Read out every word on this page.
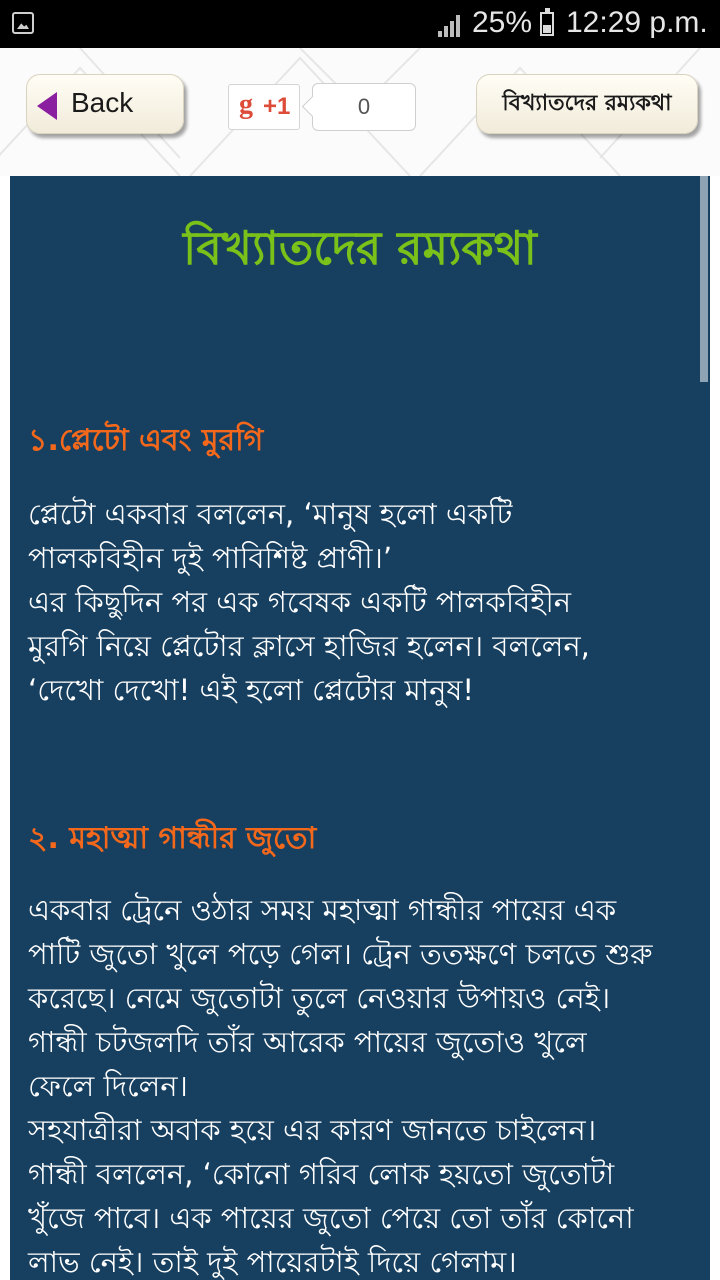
25% 12:29 p.m.
Back	g +1	0	বিখ্যাতদের রম্যকথা
বিখ্যাতদের রম্যকথা
১.প্লেটো এবং মুরগি
প্লেটো একবার বললেন, ‘মানুষ হলো একটি
পালকবিহীন দুই পাবিশিষ্ট প্রাণী।’
এর কিছুদিন পর এক গবেষক একটি পালকবিহীন
মুরগি নিয়ে প্লেটোর ক্লাসে হাজির হলেন। বললেন,
‘দেখো দেখো! এই হলো প্লেটোর মানুষ!
২. মহাত্মা গান্ধীর জুতো
একবার ট্রেনে ওঠার সময় মহাত্মা গান্ধীর পায়ের এক
পাটি জুতো খুলে পড়ে গেল। ট্রেন ততক্ষণে চলতে শুরু
করেছে। নেমে জুতোটা তুলে নেওয়ার উপায়ও নেই।
গান্ধী চটজলদি তাঁর আরেক পায়ের জুতোও খুলে
ফেলে দিলেন।
সহযাত্রীরা অবাক হয়ে এর কারণ জানতে চাইলেন।
গান্ধী বললেন, ‘কোনো গরিব লোক হয়তো জুতোটা
খুঁজে পাবে। এক পায়ের জুতো পেয়ে তো তাঁর কোনো
লাভ নেই। তাই দুই পায়েরটাই দিয়ে গেলাম।
